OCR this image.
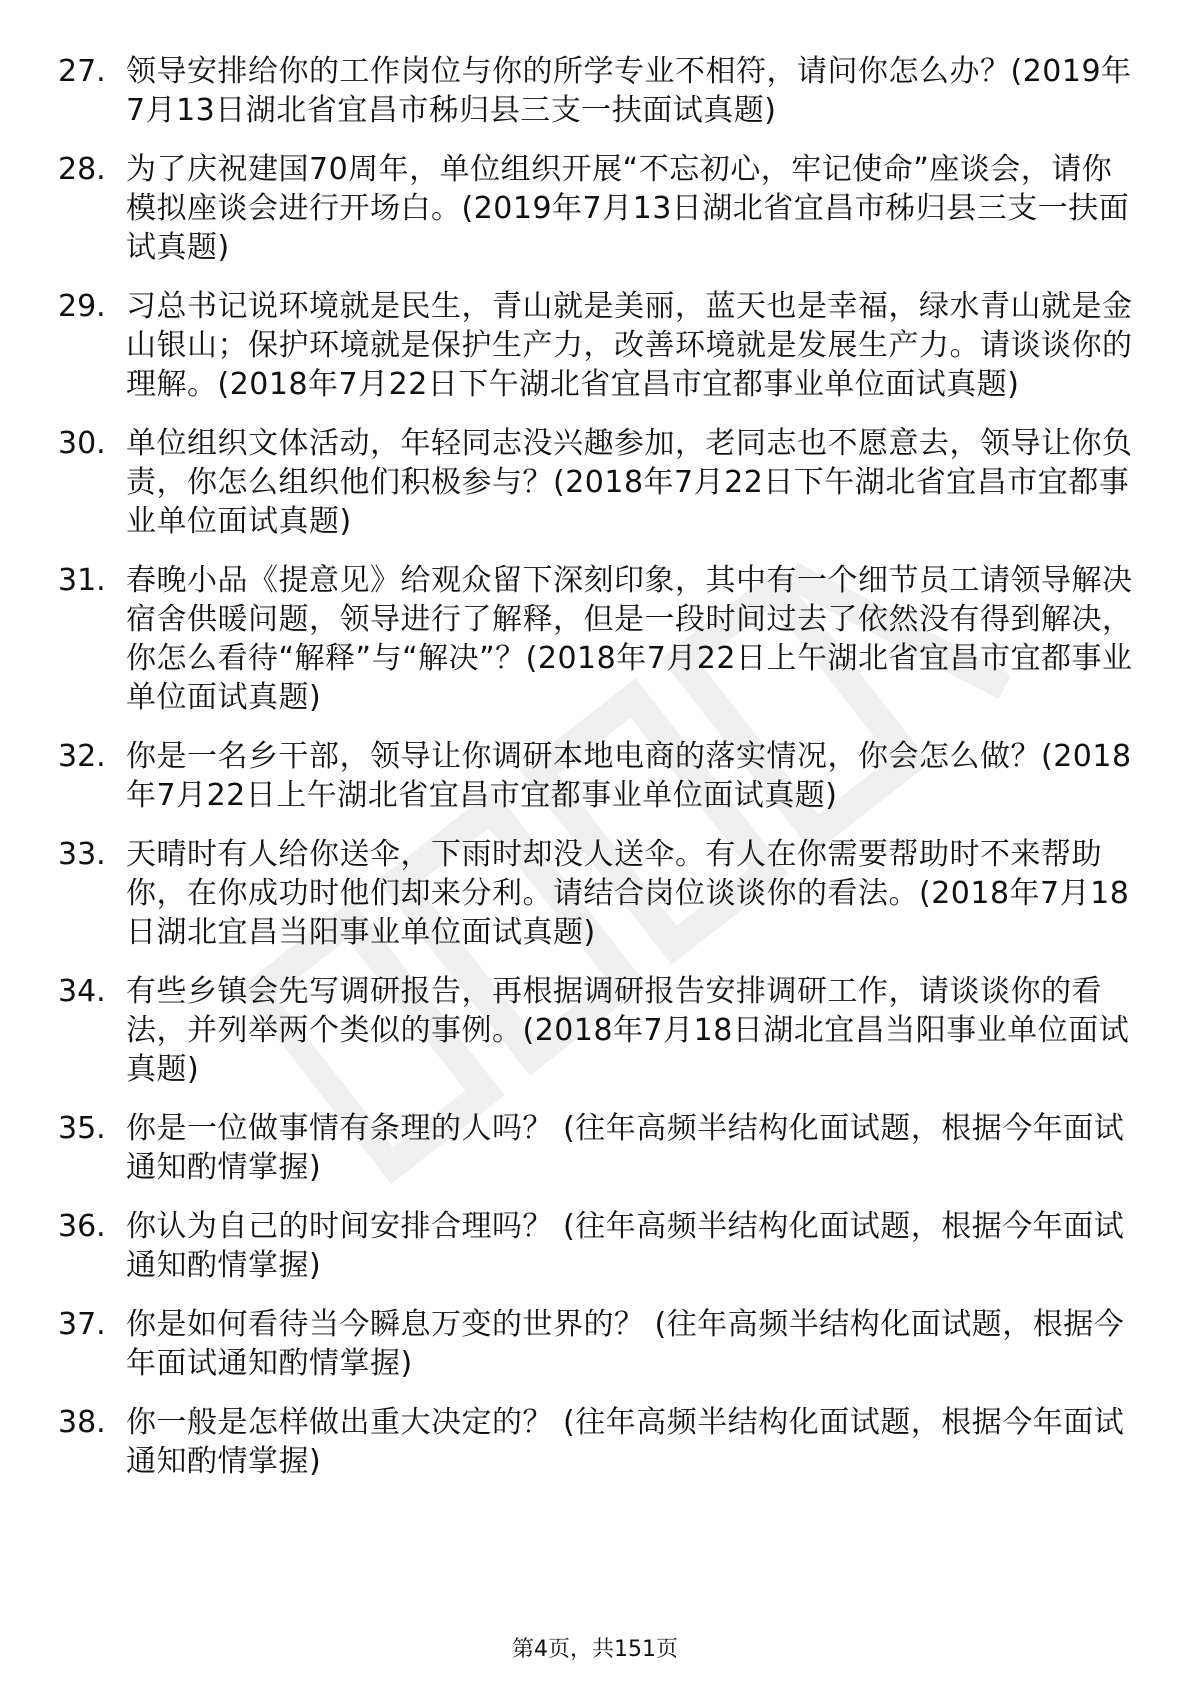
27. 领导安排给你的工作岗位与你的所学专业不相符，请问你怎么办？(2019年7月13日湖北省宜昌市秭归县三支一扶面试真题)
28. 为了庆祝建国70周年，单位组织开展“不忘初心，牢记使命”座谈会，请你模拟座谈会进行开场白。(2019年7月13日湖北省宜昌市秭归县三支一扶面试真题)
29. 习总书记说环境就是民生，青山就是美丽，蓝天也是幸福，绿水青山就是金山银山；保护环境就是保护生产力，改善环境就是发展生产力。请谈谈你的理解。(2018年7月22日下午湖北省宜昌市宜都事业单位面试真题)
30. 单位组织文体活动，年轻同志没兴趣参加，老同志也不愿意去，领导让你负责，你怎么组织他们积极参与？(2018年7月22日下午湖北省宜昌市宜都事业单位面试真题)
31. 春晚小品《提意见》给观众留下深刻印象，其中有一个细节员工请领导解决宿舍供暖问题，领导进行了解释，但是一段时间过去了依然没有得到解决，你怎么看待“解释”与“解决”？(2018年7月22日上午湖北省宜昌市宜都事业单位面试真题)
32. 你是一名乡干部，领导让你调研本地电商的落实情况，你会怎么做？(2018年7月22日上午湖北省宜昌市宜都事业单位面试真题)
33. 天晴时有人给你送伞，下雨时却没人送伞。有人在你需要帮助时不来帮助你，在你成功时他们却来分利。请结合岗位谈谈你的看法。(2018年7月18日湖北宜昌当阳事业单位面试真题)
34. 有些乡镇会先写调研报告，再根据调研报告安排调研工作，请谈谈你的看法，并列举两个类似的事例。(2018年7月18日湖北宜昌当阳事业单位面试真题)
35. 你是一位做事情有条理的人吗？ (往年高频半结构化面试题，根据今年面试通知酌情掌握)
36. 你认为自己的时间安排合理吗？ (往年高频半结构化面试题，根据今年面试通知酌情掌握)
37. 你是如何看待当今瞬息万变的世界的？ (往年高频半结构化面试题，根据今年面试通知酌情掌握)
38. 你一般是怎样做出重大决定的？ (往年高频半结构化面试题，根据今年面试通知酌情掌握)
第4页，共151页
